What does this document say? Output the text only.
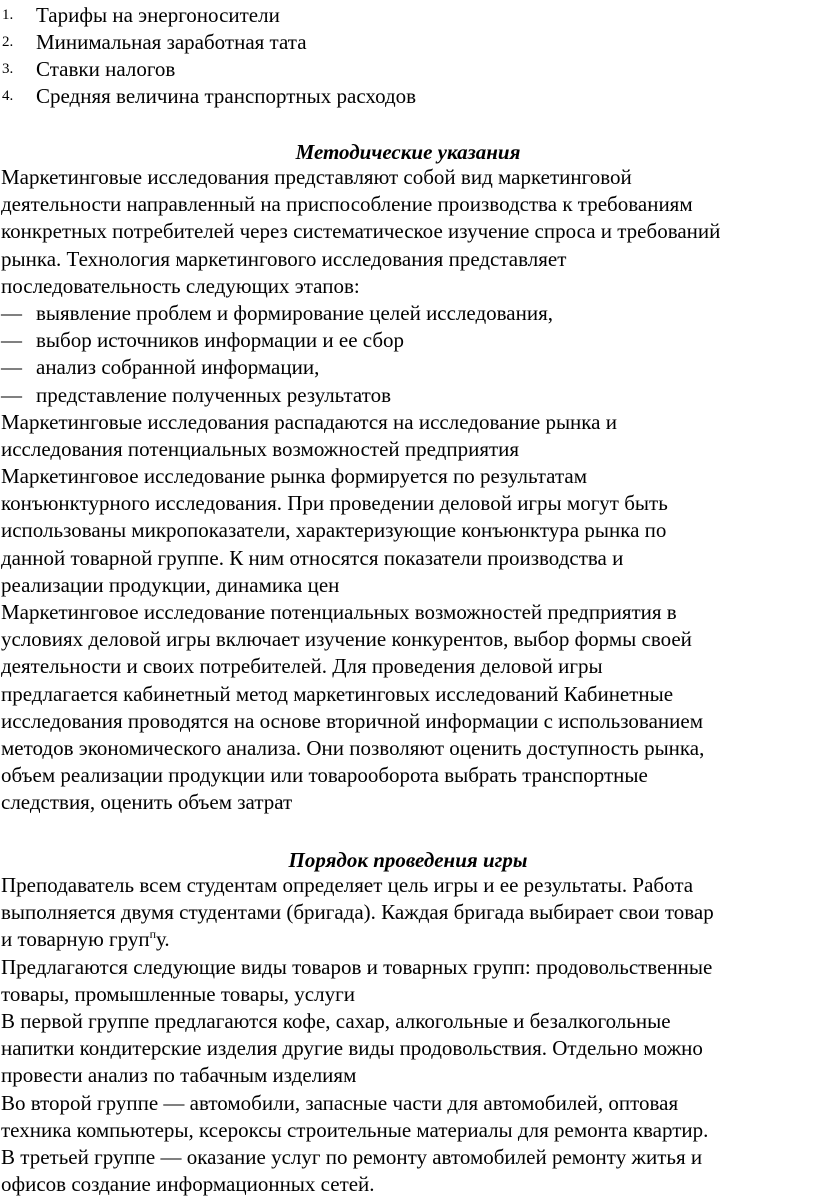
1.	Тарифы на энергоносители
2.	Минимальная заработная тата
3.	Ставки налогов
4.	Средняя величина транспортных расходов
Методические указания
Маркетинговые исследования представляют собой вид маркетинговой
деятельности направленный на приспособление производства к требованиям
конкретных потребителей через систематическое изучение спроса и требований
рынка. Технология маркетингового исследования представляет
последовательность следующих этапов:
— выявление проблем и формирование целей исследования,
— выбор источников информации и ее сбор
— анализ собранной информации,
— представление полученных результатов
Маркетинговые исследования распадаются на исследование рынка и
исследования потенциальных возможностей предприятия
Маркетинговое исследование рынка формируется по результатам
конъюнктурного исследования. При проведении деловой игры могут быть
использованы микропоказатели, характеризующие конъюнктура рынка по
данной товарной группе. К ним относятся показатели производства и
реализации продукции, динамика цен
Маркетинговое исследование потенциальных возможностей предприятия в
условиях деловой игры включает изучение конкурентов, выбор формы своей
деятельности и своих потребителей. Для проведения деловой игры
предлагается кабинетный метод маркетинговых исследований Кабинетные
исследования проводятся на основе вторичной информации с использованием
методов экономического анализа. Они позволяют оценить доступность рынка,
объем реализации продукции или товарооборота выбрать транспортные
следствия, оценить объем затрат
Порядок проведения игры
Преподаватель всем студентам определяет цель игры и ее результаты. Работа
выполняется двумя студентами (бригада). Каждая бригада выбирает свои товар
и товарную груп$^п$у.
Предлагаются следующие виды товаров и товарных групп: продовольственные
товары, промышленные товары, услуги
В первой группе предлагаются кофе, сахар, алкогольные и безалкогольные
напитки кондитерские изделия другие виды продовольствия. Отдельно можно
провести анализ по табачным изделиям
Во второй группе — автомобили, запасные части для автомобилей, оптовая
техника компьютеры, ксероксы строительные материалы для ремонта квартир.
В третьей группе — оказание услуг по ремонту автомобилей ремонту житья и
офисов создание информационных сетей.
